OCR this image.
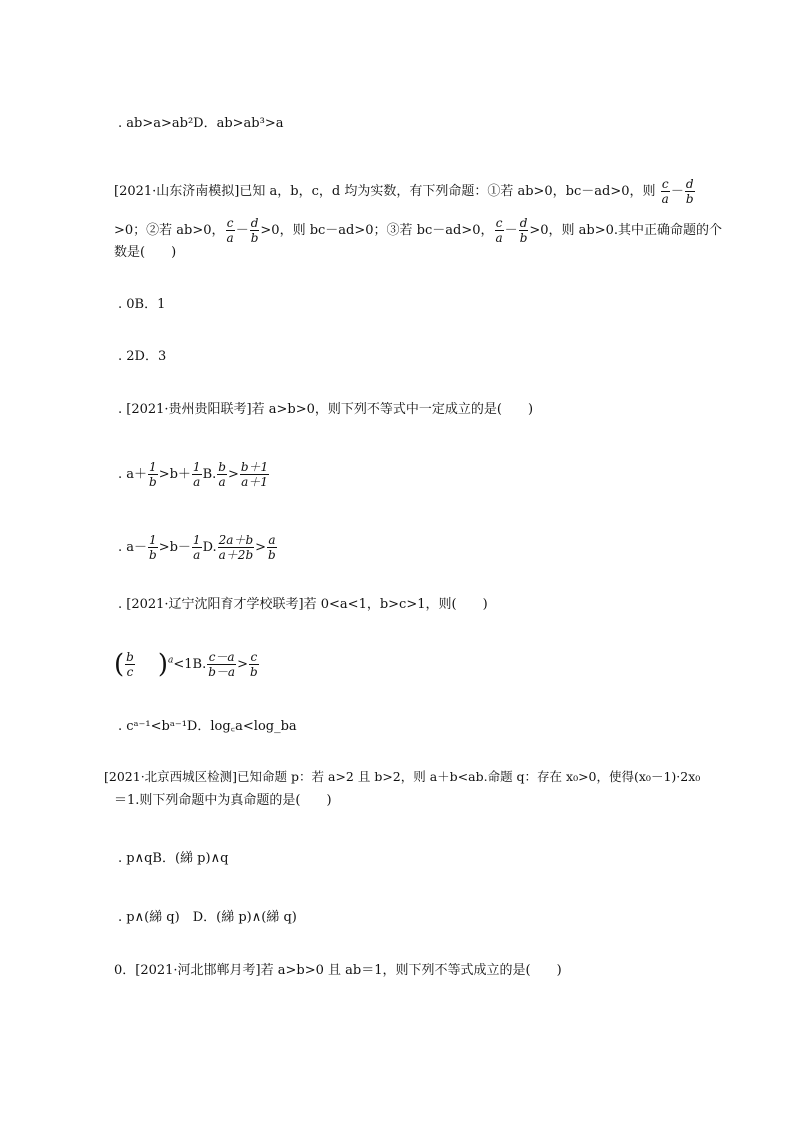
. ab>a>ab²D．ab>ab³>a
[2021·山东济南模拟]已知 a，b，c，d 均为实数，有下列命题：①若 ab>0，bc－ad>0，则 $\frac{c}{a} - \frac{d}{b}$
>0；②若 ab>0， $\frac{c}{a} - \frac{d}{b} >0$，则 bc－ad>0；③若 bc－ad>0， $\frac{c}{a} - \frac{d}{b} >0$，则 ab>0.其中正确命题的个
数是(　　)
. 0B．1
. 2D．3
. [2021·贵州贵阳联考]若 a>b>0，则下列不等式中一定成立的是(　　)
. $a+ \frac{1}{b} >b+ \frac{1}{a} B$. $\frac{b}{a} > \frac{b+1}{a+1}$
. $a- \frac{1}{b} >b- \frac{1}{a} D$. $\frac{2a+b}{a+2b} > \frac{a}{b}$
. [2021·辽宁沈阳育才学校联考]若 0<a<1，b>c>1，则(　　)
( $\frac{b}{c} )^a<1B$. $\frac{c-a}{b-a} > \frac{c}{b}$
. cᵃ⁻¹<bᵃ⁻¹D．log꜀a<log_ba
[2021·北京西城区检测]已知命题 p：若 a>2 且 b>2，则 a＋b<ab.命题 q：存在 x₀>0，使得(x₀－1)·2x₀
＝1.则下列命题中为真命题的是(　　)
. p∧qB．(綈 p)∧q
. p∧(綈 q)　D．(綈 p)∧(綈 q)
0．[2021·河北邯郸月考]若 a>b>0 且 ab＝1，则下列不等式成立的是(　　)
